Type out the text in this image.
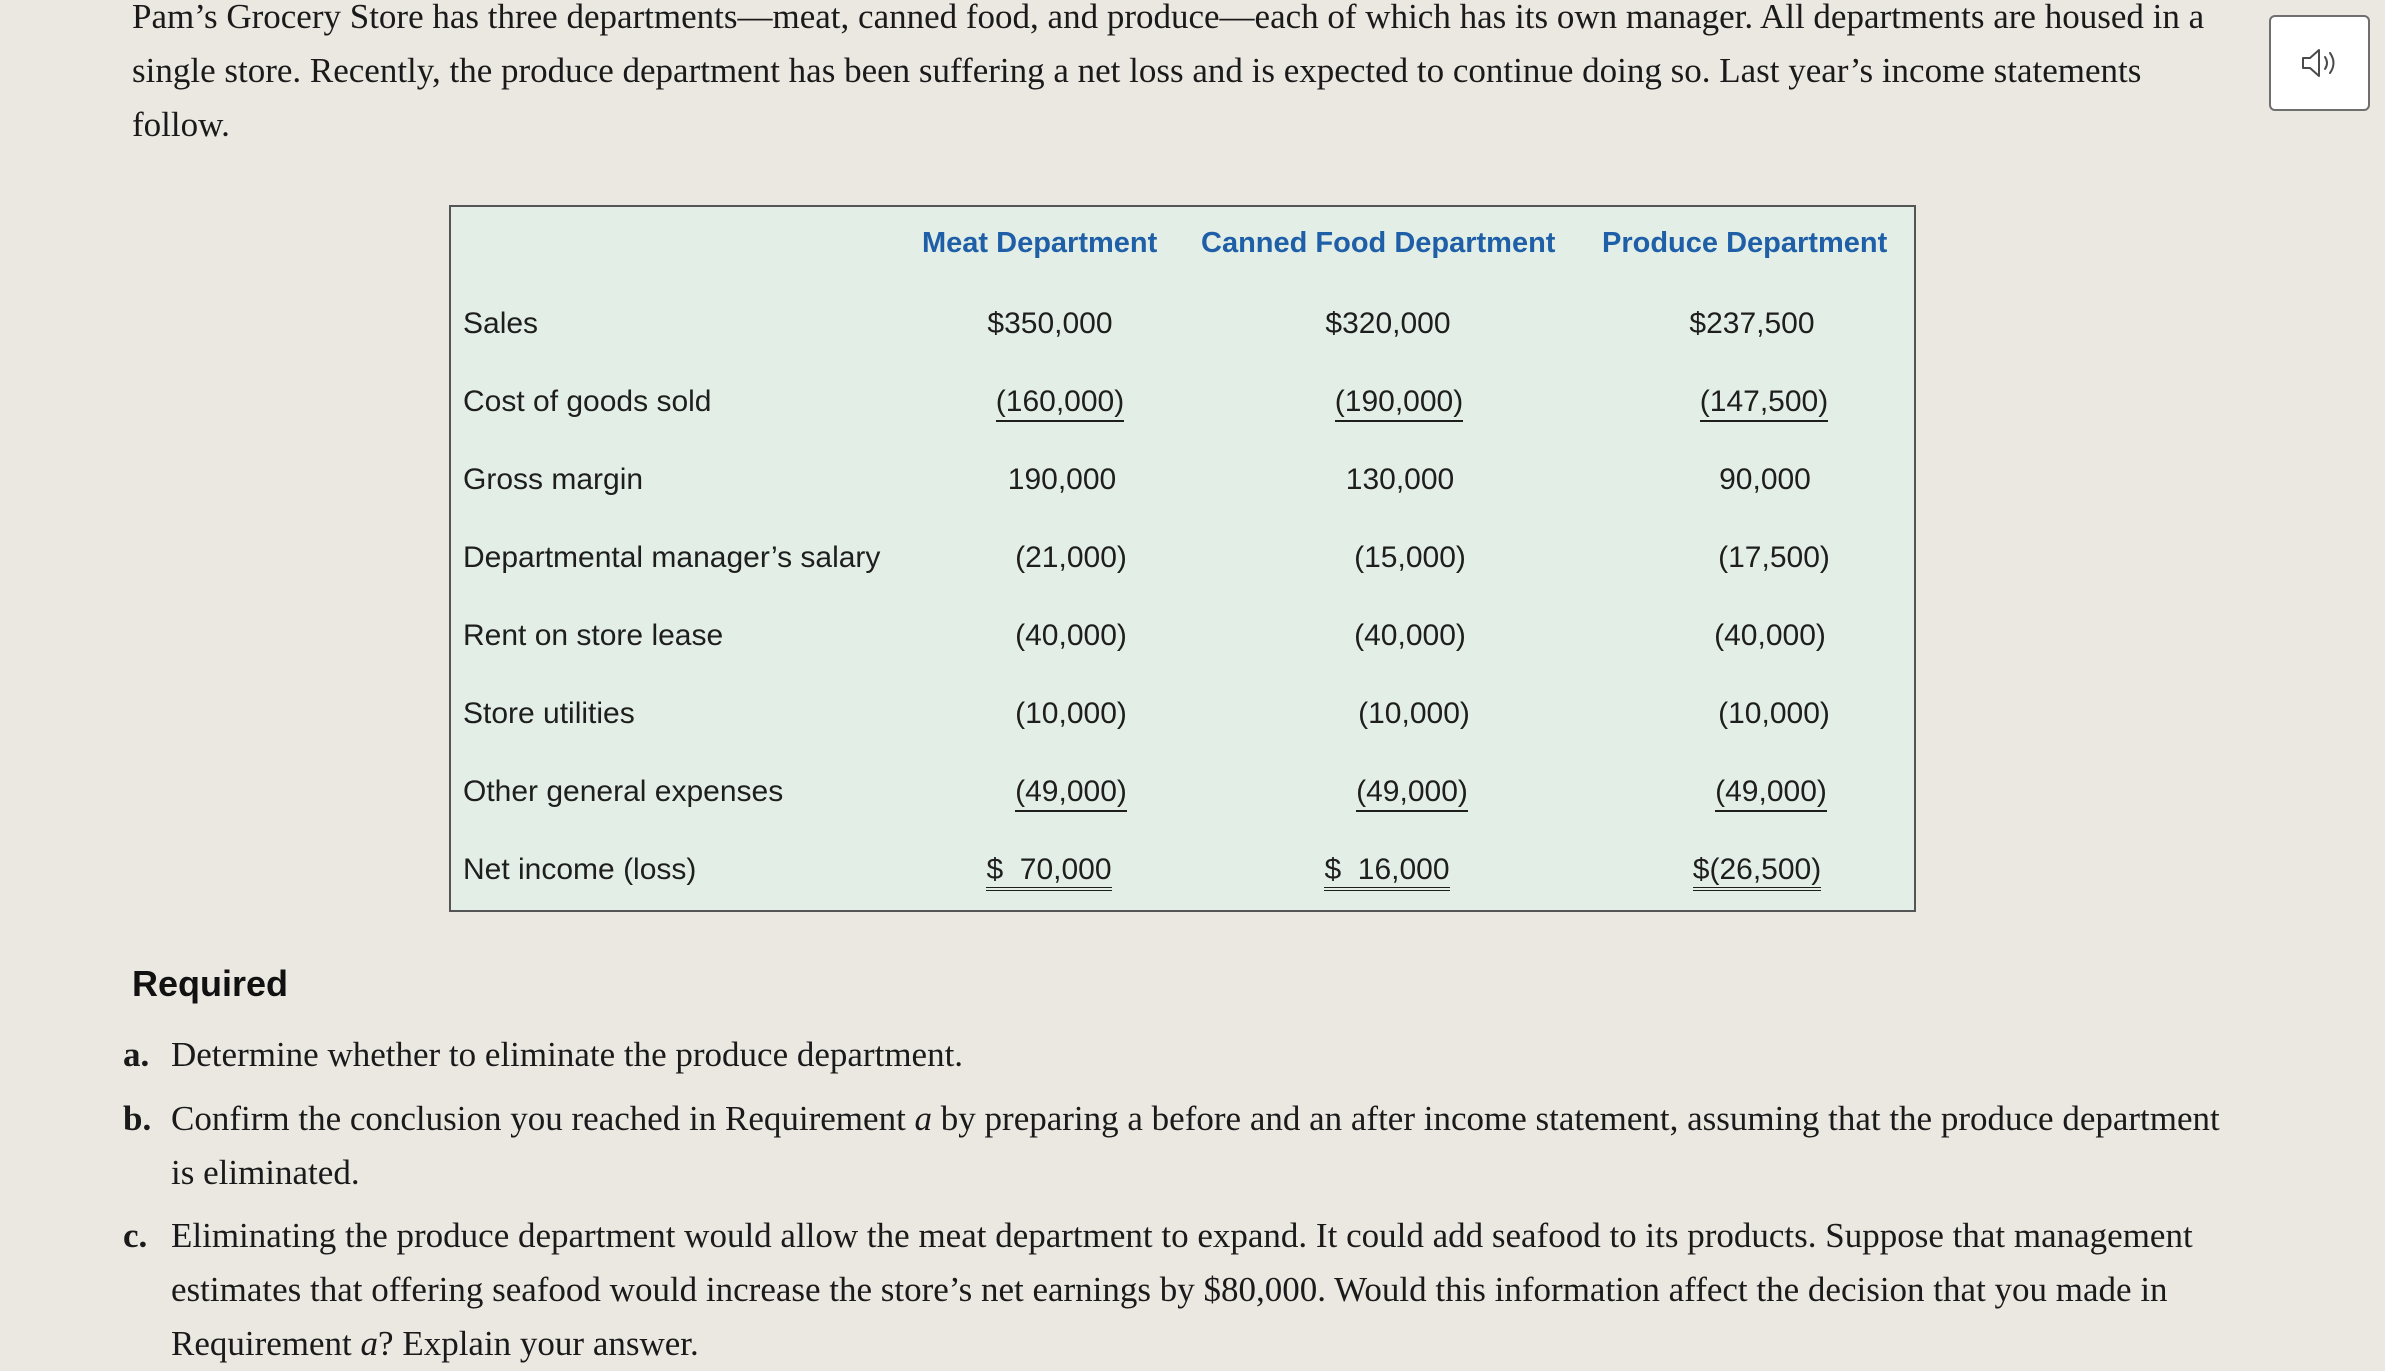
Pam’s Grocery Store has three departments—meat, canned food, and produce—each of which has its own manager. All departments are housed in a single store. Recently, the produce department has been suffering a net loss and is expected to continue doing so. Last year’s income statements follow.

Meat Department Canned Food Department Produce Department
Sales	$350,000	$320,000	$237,500
Cost of goods sold	(160,000)	(190,000)	(147,500)
Gross margin	190,000	130,000	90,000
Departmental manager’s salary	(21,000)	(15,000)	(17,500)
Rent on store lease	(40,000)	(40,000)	(40,000)
Store utilities	(10,000)	(10,000)	(10,000)
Other general expenses	(49,000)	(49,000)	(49,000)
Net income (loss)	$  70,000	$  16,000	$(26,500)
Required
a. Determine whether to eliminate the produce department.
b. Confirm the conclusion you reached in Requirement a by preparing a before and an after income statement, assuming that the produce department is eliminated.
c. Eliminating the produce department would allow the meat department to expand. It could add seafood to its products. Suppose that management estimates that offering seafood would increase the store’s net earnings by $80,000. Would this information affect the decision that you made in Requirement a? Explain your answer.
